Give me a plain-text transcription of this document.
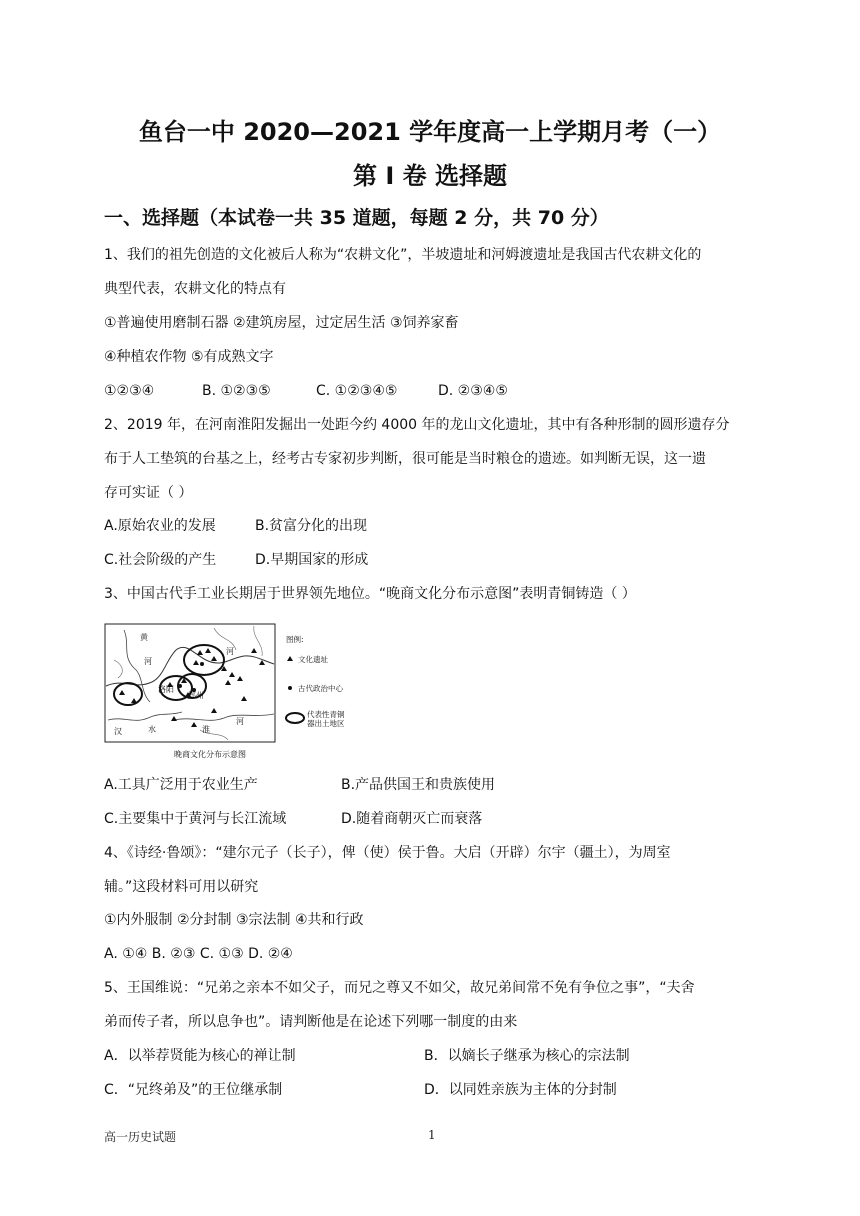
鱼台一中 2020—2021 学年度高一上学期月考（一）
第 I 卷 选择题
一、选择题（本试卷一共 35 道题，每题 2 分，共 70 分）
1、我们的祖先创造的文化被后人称为“农耕文化”，半坡遗址和河姆渡遗址是我国古代农耕文化的
典型代表，农耕文化的特点有
①普遍使用磨制石器 ②建筑房屋，过定居生活 ③饲养家畜
④种植农作物 ⑤有成熟文字
①②③④	B. ①②③⑤	C. ①②③④⑤	D. ②③④⑤
2、2019 年，在河南淮阳发掘出一处距今约 4000 年的龙山文化遗址，其中有各种形制的圆形遗存分
布于人工垫筑的台基之上，经考古专家初步判断，很可能是当时粮仓的遗迹。如判断无误，这一遗
存可实证（ ）
A.原始农业的发展	B.贫富分化的出现
C.社会阶级的产生	D.早期国家的形成
3、中国古代手工业长期居于世界领先地位。“晚商文化分布示意图”表明青铜铸造（ ）
黄
河
河
洛阳
郑州
汉	水	淮
河
图例:
文化遗址
古代政治中心
代表性青铜器出土地区
晚商文化分布示意图
A.工具广泛用于农业生产	B.产品供国王和贵族使用
C.主要集中于黄河与长江流域	D.随着商朝灭亡而衰落
4、《诗经·鲁颂》：“建尔元子（长子），俾（使）侯于鲁。大启（开辟）尔宇（疆土），为周室
辅。”这段材料可用以研究
①内外服制 ②分封制 ③宗法制 ④共和行政
A. ①④ B. ②③ C. ①③ D. ②④
5、王国维说：“兄弟之亲本不如父子，而兄之尊又不如父，故兄弟间常不免有争位之事”，“夫舍
弟而传子者，所以息争也”。请判断他是在论述下列哪一制度的由来
A．以举荐贤能为核心的禅让制	B．以嫡长子继承为核心的宗法制
C．“兄终弟及”的王位继承制	D．以同姓亲族为主体的分封制
高一历史试题	1
